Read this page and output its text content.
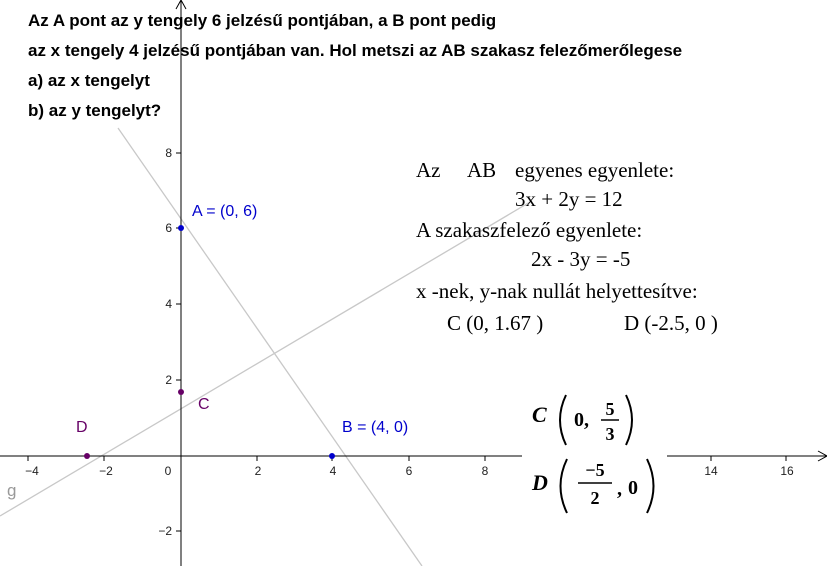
−4	−2	0	2	4	6	8	14	16
8
6
4
2
−2
g
A = (0, 6)
B = (4, 0)
C
D
Az AB egyenes egyenlete:
3x + 2y = 12
A szakaszfelező egyenlete:
2x - 3y = -5
x -nek, y-nak nullát helyettesítve:
C (0, 1.67 )	D (-2.5, 0 )
C 0, 5
3
D −5
2 , 0
Az A pont az y tengely 6 jelzésű pontjában, a B pont pedig
az x tengely 4 jelzésű pontjában van. Hol metszi az AB szakasz felezőmerőlegese
a) az x tengelyt
b) az y tengelyt?
